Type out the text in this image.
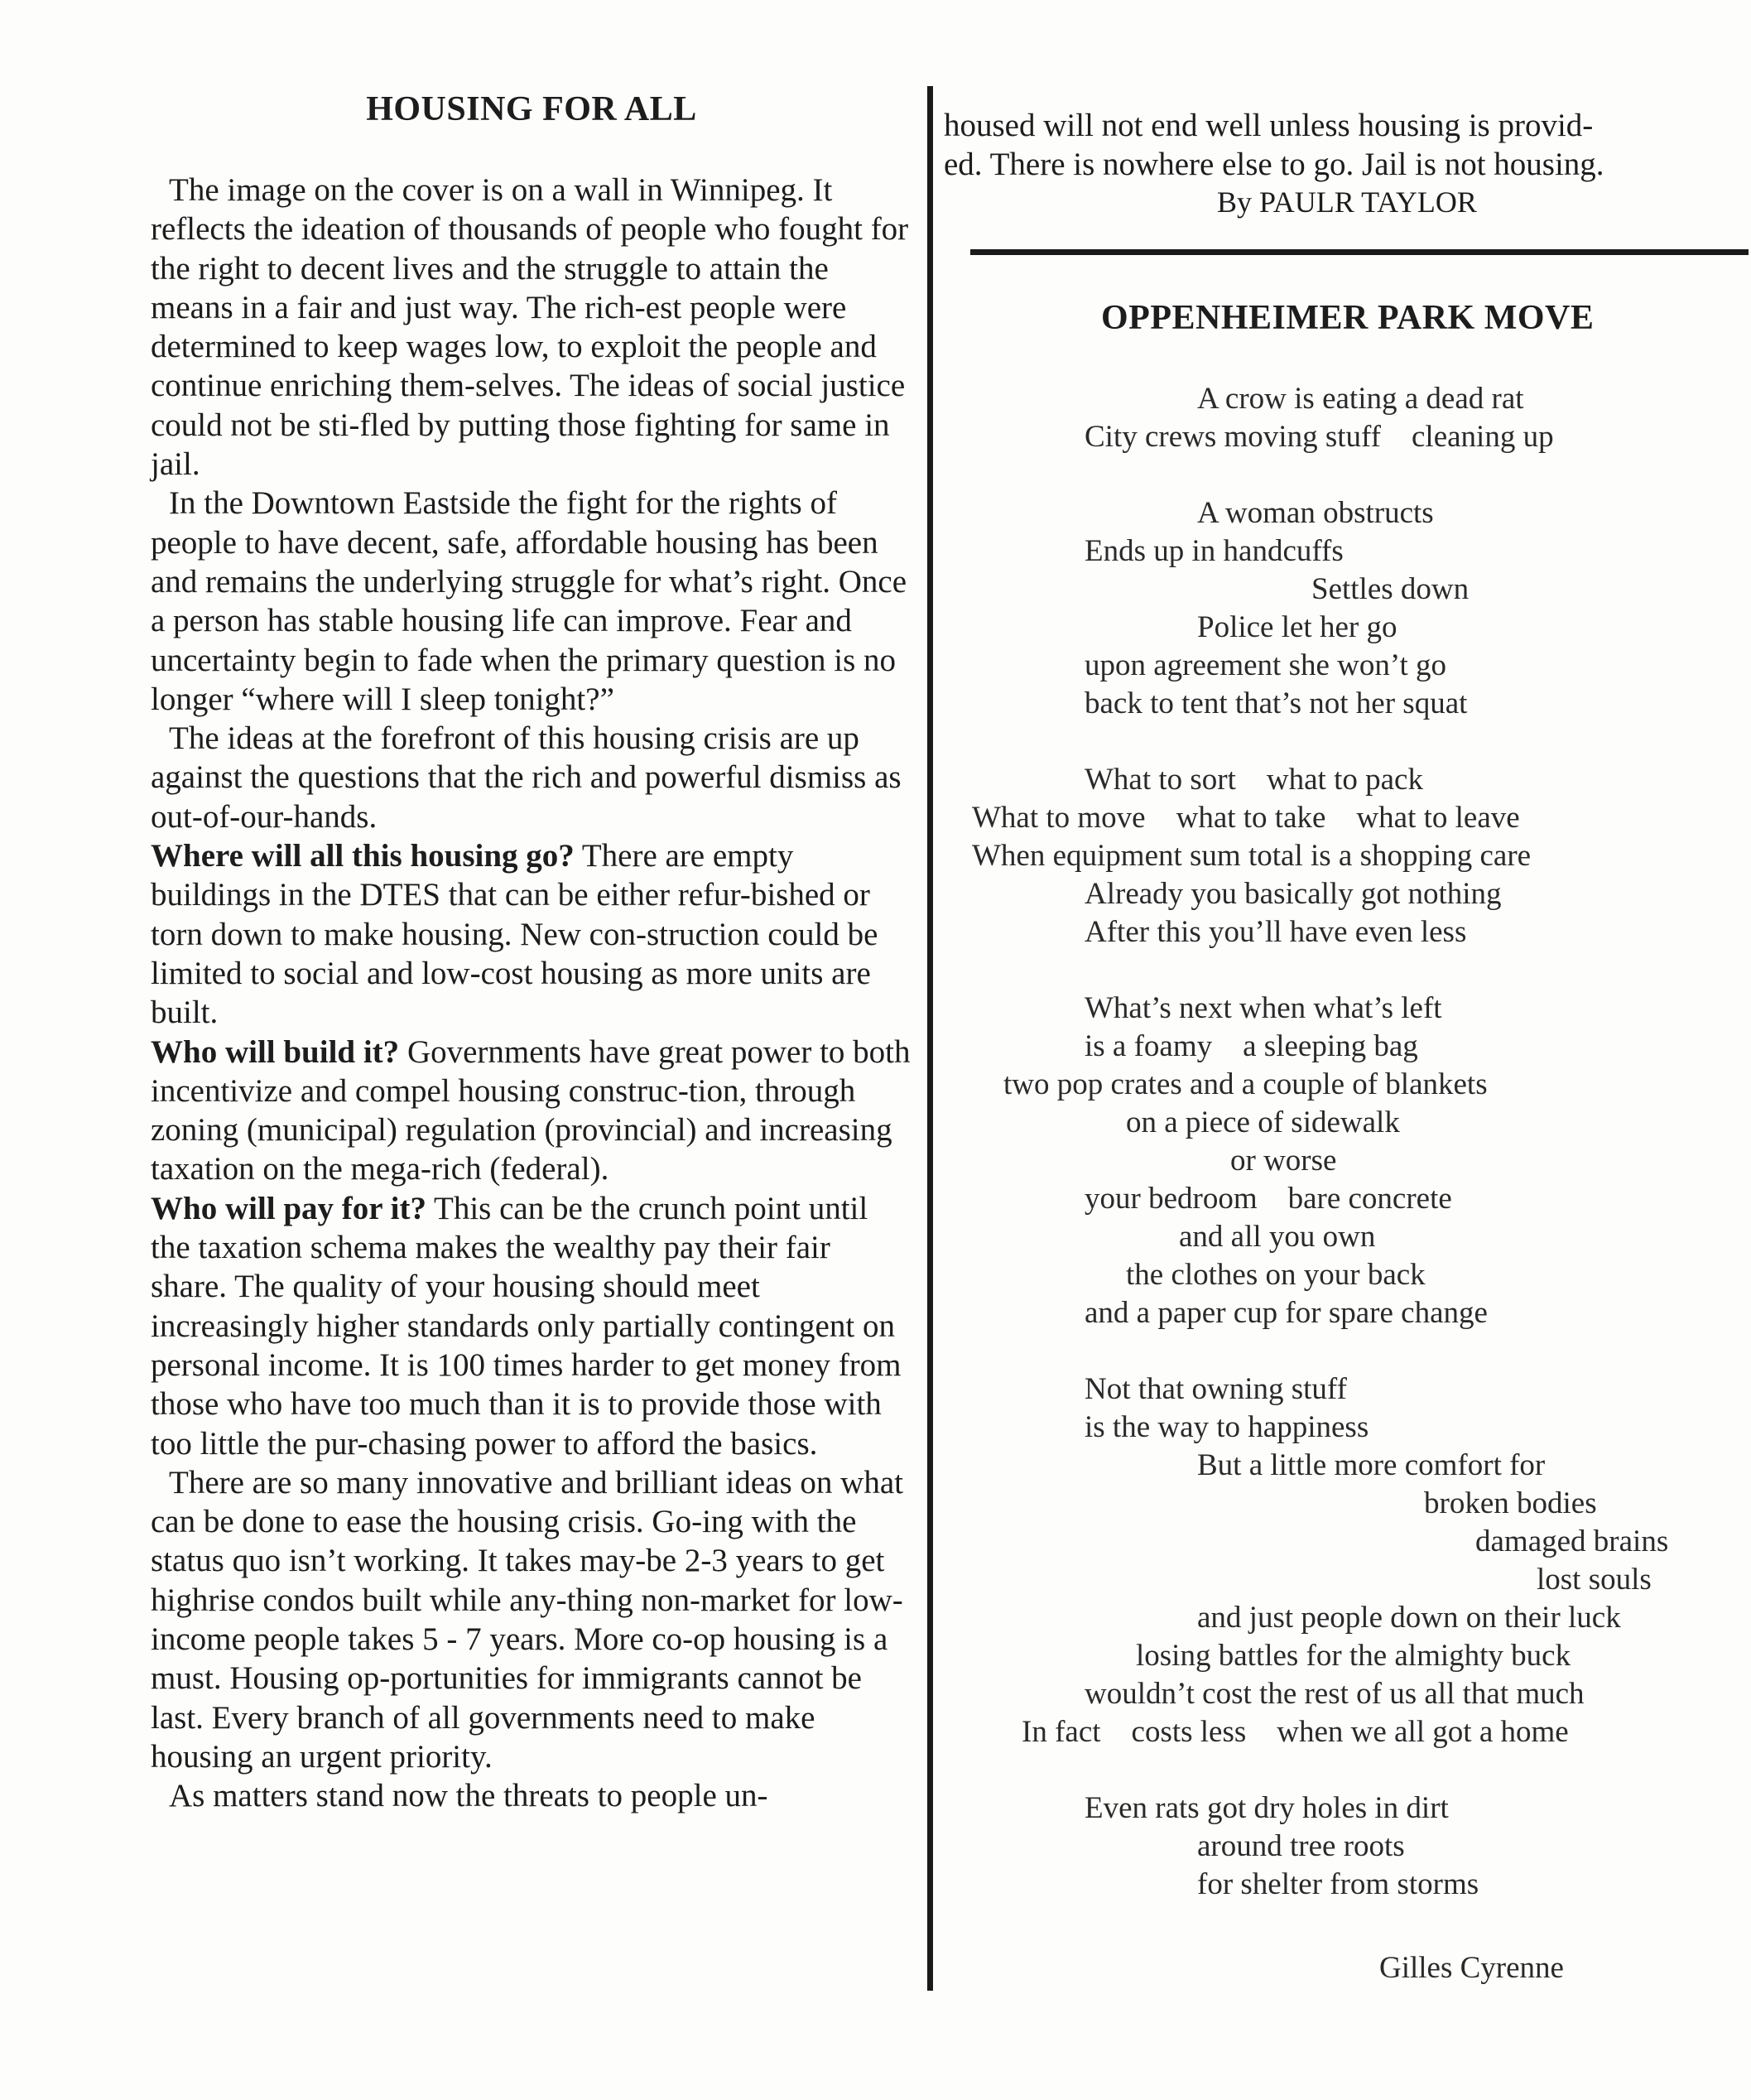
HOUSING FOR ALL

The image on the cover is on a wall in Winnipeg. It reflects the ideation of thousands of people who fought for the right to decent lives and the struggle to attain the means in a fair and just way. The rich-est people were determined to keep wages low, to exploit the people and continue enriching them-selves. The ideas of social justice could not be sti-fled by putting those fighting for same in jail.

In the Downtown Eastside the fight for the rights of people to have decent, safe, affordable housing has been and remains the underlying struggle for what’s right. Once a person has stable housing life can improve. Fear and uncertainty begin to fade when the primary question is no longer “where will I sleep tonight?”

The ideas at the forefront of this housing crisis are up against the questions that the rich and powerful dismiss as out-of-our-hands.

Where will all this housing go? There are empty buildings in the DTES that can be either refur-bished or torn down to make housing. New con-struction could be limited to social and low-cost housing as more units are built.

Who will build it? Governments have great power to both incentivize and compel housing construc-tion, through zoning (municipal) regulation (provincial) and increasing taxation on the mega-rich (federal).

Who will pay for it? This can be the crunch point until the taxation schema makes the wealthy pay their fair share. The quality of your housing should meet increasingly higher standards only partially contingent on personal income. It is 100 times harder to get money from those who have too much than it is to provide those with too little the pur-chasing power to afford the basics.

There are so many innovative and brilliant ideas on what can be done to ease the housing crisis. Go-ing with the status quo isn’t working. It takes may-be 2-3 years to get highrise condos built while any-thing non-market for low-income people takes 5 - 7 years. More co-op housing is a must. Housing op-portunities for immigrants cannot be last. Every branch of all governments need to make housing an urgent priority.

As matters stand now the threats to people un-

housed will not end well unless housing is provid-

ed. There is nowhere else to go. Jail is not housing.

By PAULR TAYLOR

OPPENHEIMER PARK MOVE
A crow is eating a dead rat
City crews moving stuff    cleaning up
A woman obstructs
Ends up in handcuffs
Settles down
Police let her go
upon agreement she won’t go
back to tent that’s not her squat
What to sort    what to pack
What to move    what to take    what to leave
When equipment sum total is a shopping care
Already you basically got nothing
After this you’ll have even less
What’s next when what’s left
is a foamy    a sleeping bag
two pop crates and a couple of blankets
on a piece of sidewalk
or worse
your bedroom    bare concrete
and all you own
the clothes on your back
and a paper cup for spare change
Not that owning stuff
is the way to happiness
But a little more comfort for
broken bodies
damaged brains
lost souls
and just people down on their luck
losing battles for the almighty buck
wouldn’t cost the rest of us all that much
In fact    costs less    when we all got a home
Even rats got dry holes in dirt
around tree roots
for shelter from storms
Gilles Cyrenne
